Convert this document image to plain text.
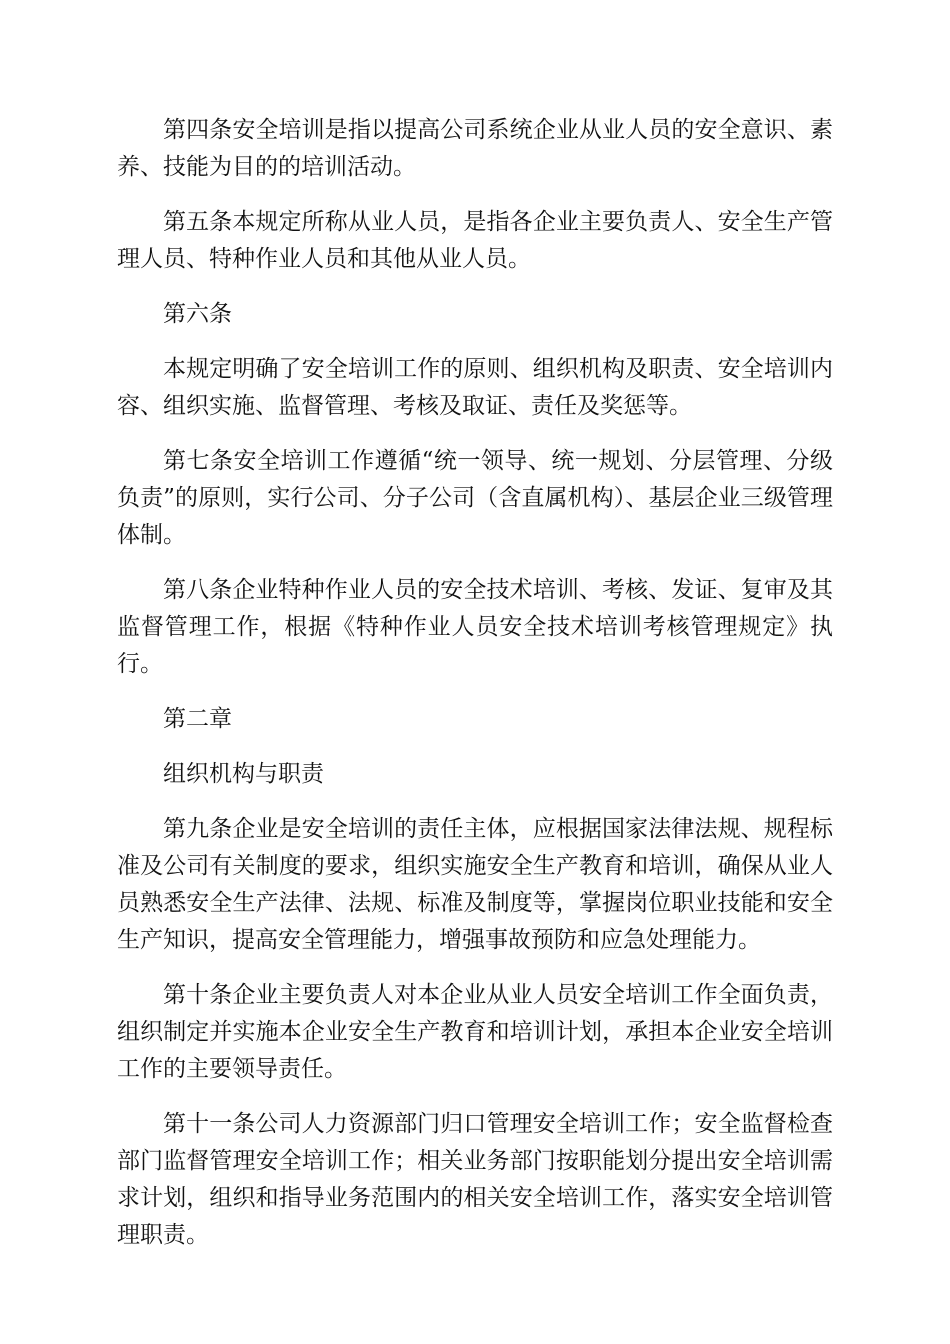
第四条安全培训是指以提高公司系统企业从业人员的安全意识、素养、技能为目的的培训活动。

第五条本规定所称从业人员，是指各企业主要负责人、安全生产管理人员、特种作业人员和其他从业人员。

第六条

本规定明确了安全培训工作的原则、组织机构及职责、安全培训内容、组织实施、监督管理、考核及取证、责任及奖惩等。

第七条安全培训工作遵循“统一领导、统一规划、分层管理、分级负责”的原则，实行公司、分子公司（含直属机构）、基层企业三级管理体制。

第八条企业特种作业人员的安全技术培训、考核、发证、复审及其监督管理工作，根据《特种作业人员安全技术培训考核管理规定》执行。

第二章

组织机构与职责

第九条企业是安全培训的责任主体，应根据国家法律法规、规程标准及公司有关制度的要求，组织实施安全生产教育和培训，确保从业人员熟悉安全生产法律、法规、标准及制度等，掌握岗位职业技能和安全生产知识，提高安全管理能力，增强事故预防和应急处理能力。

第十条企业主要负责人对本企业从业人员安全培训工作全面负责，组织制定并实施本企业安全生产教育和培训计划，承担本企业安全培训工作的主要领导责任。

第十一条公司人力资源部门归口管理安全培训工作；安全监督检查部门监督管理安全培训工作；相关业务部门按职能划分提出安全培训需求计划，组织和指导业务范围内的相关安全培训工作，落实安全培训管理职责。
